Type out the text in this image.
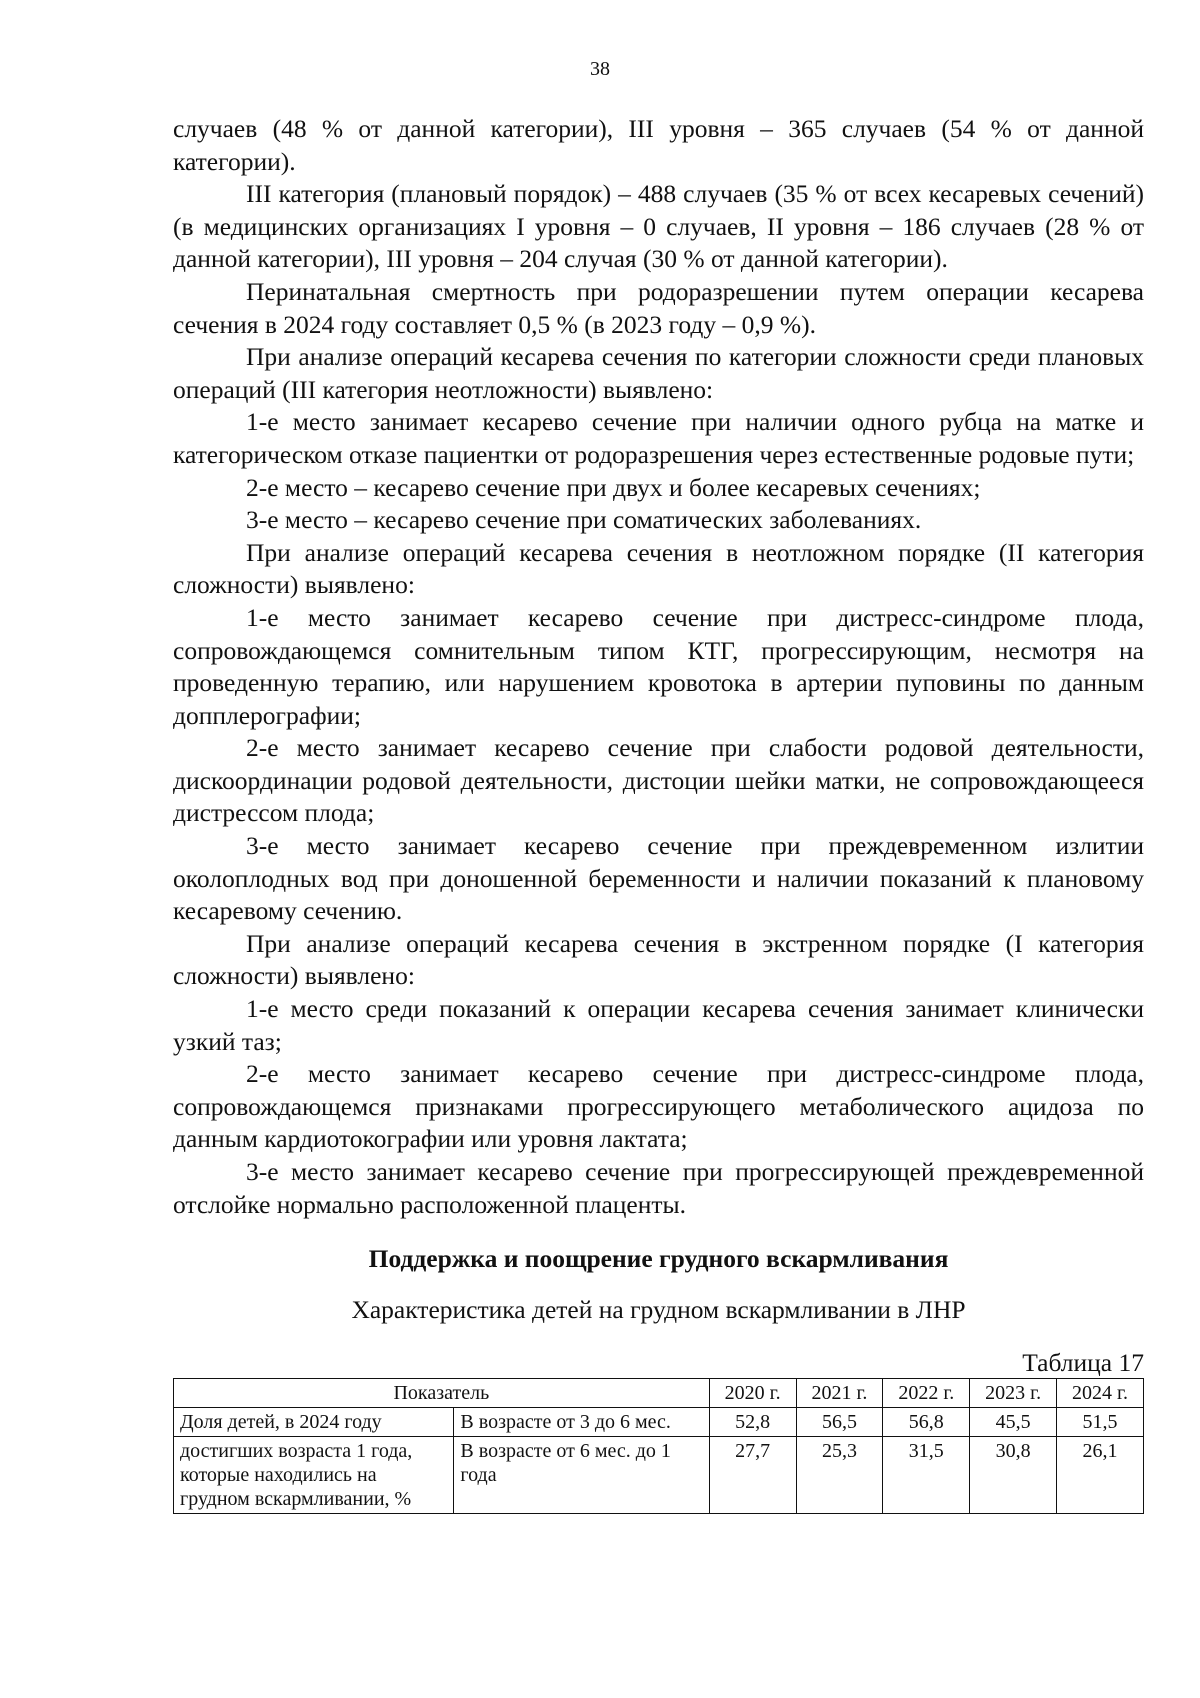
38

случаев (48 % от данной категории), III уровня – 365 случаев (54 % от данной категории).

III категория (плановый порядок) – 488 случаев (35 % от всех кесаревых сечений) (в медицинских организациях I уровня – 0 случаев, II уровня – 186 случаев (28 % от данной категории), III уровня – 204 случая (30 % от данной категории).

Перинатальная смертность при родоразрешении путем операции кесарева сечения в 2024 году составляет 0,5 % (в 2023 году – 0,9 %).

При анализе операций кесарева сечения по категории сложности среди плановых операций (III категория неотложности) выявлено:

1-е место занимает кесарево сечение при наличии одного рубца на матке и категорическом отказе пациентки от родоразрешения через естественные родовые пути;

2-е место – кесарево сечение при двух и более кесаревых сечениях;

3-е место – кесарево сечение при соматических заболеваниях.

При анализе операций кесарева сечения в неотложном порядке (II категория сложности) выявлено:

1-е место занимает кесарево сечение при дистресс-синдроме плода, сопровождающемся сомнительным типом КТГ, прогрессирующим, несмотря на проведенную терапию, или нарушением кровотока в артерии пуповины по данным допплерографии;

2-е место занимает кесарево сечение при слабости родовой деятельности, дискоординации родовой деятельности, дистоции шейки матки, не сопровождающееся дистрессом плода;

3-е место занимает кесарево сечение при преждевременном излитии околоплодных вод при доношенной беременности и наличии показаний к плановому кесаревому сечению.

При анализе операций кесарева сечения в экстренном порядке (I категория сложности) выявлено:

1-е место среди показаний к операции кесарева сечения занимает клинически узкий таз;

2-е место занимает кесарево сечение при дистресс-синдроме плода, сопровождающемся признаками прогрессирующего метаболического ацидоза по данным кардиотокографии или уровня лактата;

3-е место занимает кесарево сечение при прогрессирующей преждевременной отслойке нормально расположенной плаценты.

Поддержка и поощрение грудного вскармливания
Характеристика детей на грудном вскармливании в ЛНР
Таблица 17
Показатель		2020 г.	2021 г.	2022 г.	2023 г.	2024 г.
Доля детей, в 2024 году	В возрасте от 3 до 6 мес.	52,8	56,5	56,8	45,5	51,5
достигших возраста 1 года, которые находились на грудном вскармливании, %	В возрасте от 6 мес. до 1 года	27,7	25,3	31,5	30,8	26,1
